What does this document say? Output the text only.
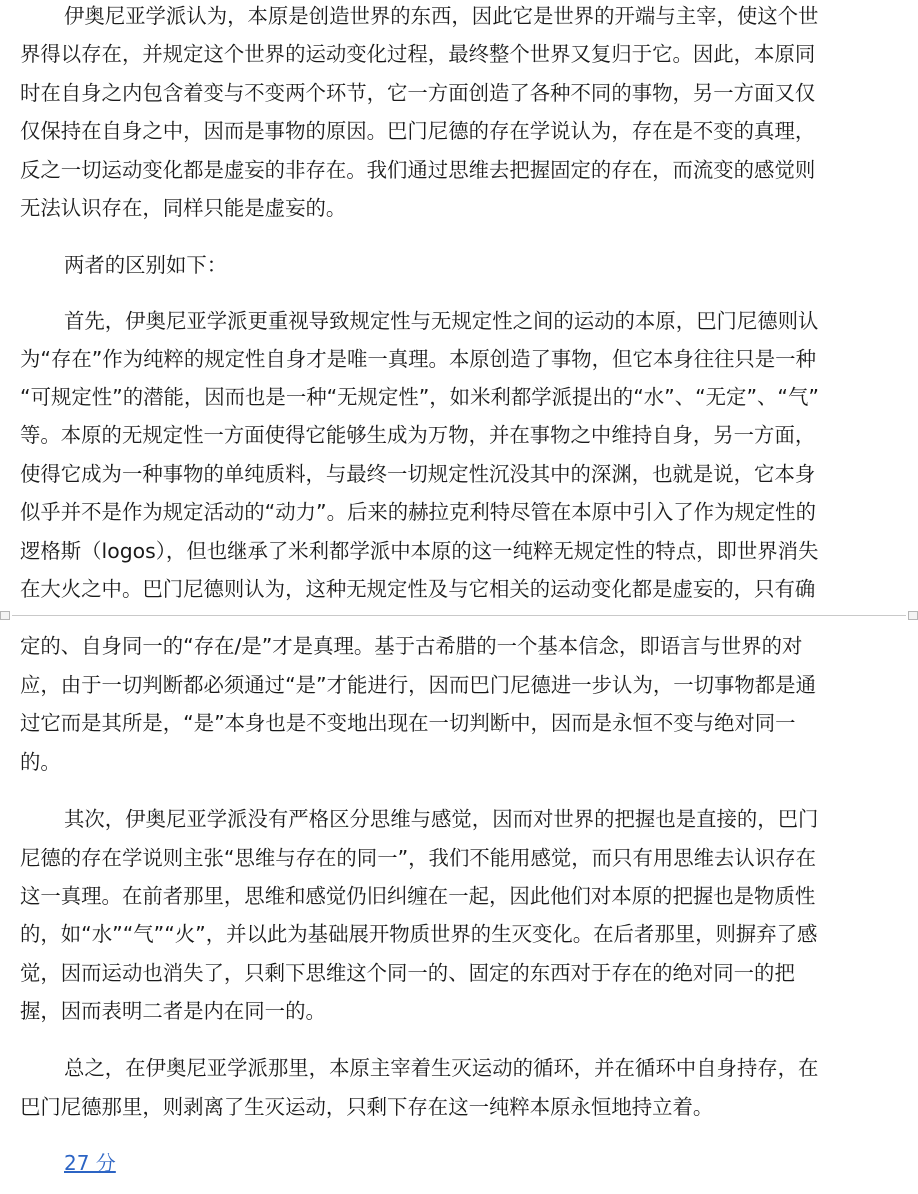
伊奥尼亚学派认为，本原是创造世界的东西，因此它是世界的开端与主宰，使这个世
界得以存在，并规定这个世界的运动变化过程，最终整个世界又复归于它。因此，本原同
时在自身之内包含着变与不变两个环节，它一方面创造了各种不同的事物，另一方面又仅
仅保持在自身之中，因而是事物的原因。巴门尼德的存在学说认为，存在是不变的真理，
反之一切运动变化都是虚妄的非存在。我们通过思维去把握固定的存在，而流变的感觉则
无法认识存在，同样只能是虚妄的。
两者的区别如下：
首先，伊奥尼亚学派更重视导致规定性与无规定性之间的运动的本原，巴门尼德则认
为“存在”作为纯粹的规定性自身才是唯一真理。本原创造了事物，但它本身往往只是一种
“可规定性”的潜能，因而也是一种“无规定性”，如米利都学派提出的“水”、“无定”、“气”
等。本原的无规定性一方面使得它能够生成为万物，并在事物之中维持自身，另一方面，
使得它成为一种事物的单纯质料，与最终一切规定性沉没其中的深渊，也就是说，它本身
似乎并不是作为规定活动的“动力”。后来的赫拉克利特尽管在本原中引入了作为规定性的
逻格斯（logos），但也继承了米利都学派中本原的这一纯粹无规定性的特点，即世界消失
在大火之中。巴门尼德则认为，这种无规定性及与它相关的运动变化都是虚妄的，只有确
定的、自身同一的“存在/是”才是真理。基于古希腊的一个基本信念，即语言与世界的对
应，由于一切判断都必须通过“是”才能进行，因而巴门尼德进一步认为，一切事物都是通
过它而是其所是，“是”本身也是不变地出现在一切判断中，因而是永恒不变与绝对同一
的。
其次，伊奥尼亚学派没有严格区分思维与感觉，因而对世界的把握也是直接的，巴门
尼德的存在学说则主张“思维与存在的同一”，我们不能用感觉，而只有用思维去认识存在
这一真理。在前者那里，思维和感觉仍旧纠缠在一起，因此他们对本原的把握也是物质性
的，如“水”“气”“火”，并以此为基础展开物质世界的生灭变化。在后者那里，则摒弃了感
觉，因而运动也消失了，只剩下思维这个同一的、固定的东西对于存在的绝对同一的把
握，因而表明二者是内在同一的。
总之，在伊奥尼亚学派那里，本原主宰着生灭运动的循环，并在循环中自身持存，在
巴门尼德那里，则剥离了生灭运动，只剩下存在这一纯粹本原永恒地持立着。
27 分
